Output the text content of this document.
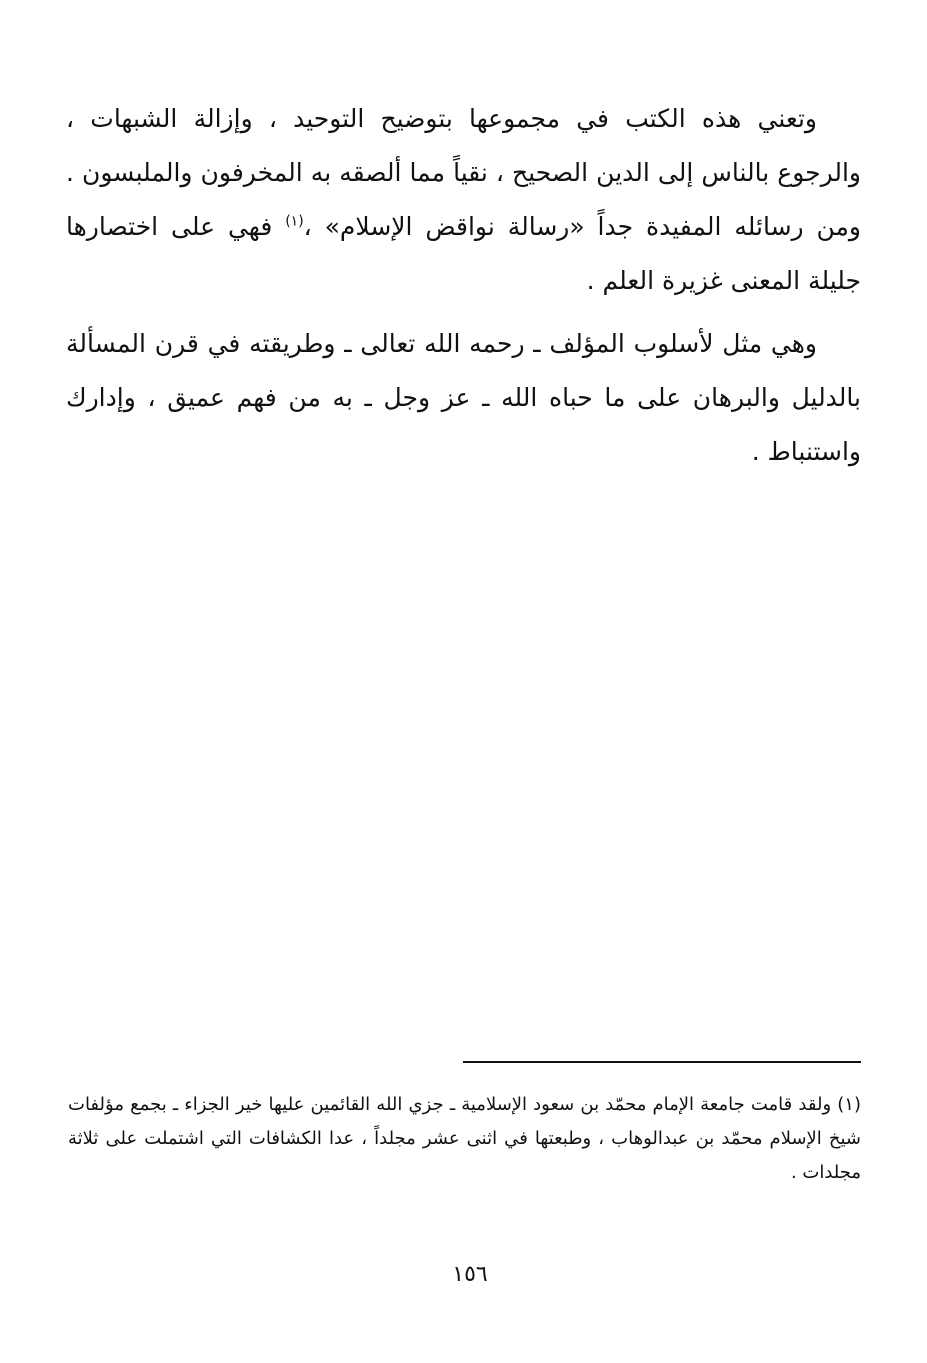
وتعني هذه الكتب في مجموعها بتوضيح التوحيد ، وإزالة الشبهات ، والرجوع بالناس إلى الدين الصحيح ، نقياً مما ألصقه به المخرفون والملبسون . ومن رسائله المفيدة جداً «رسالة نواقض الإسلام» ،$^{(١)}$ فهي على اختصارها جليلة المعنى غزيرة العلم .

وهي مثل لأسلوب المؤلف ـ رحمه الله تعالى ـ وطريقته في قرن المسألة بالدليل والبرهان على ما حباه الله ـ عز وجل ـ به من فهم عميق ، وإدارك واستنباط .

(١) ولقد قامت جامعة الإمام محمّد بن سعود الإسلامية ـ جزي الله القائمين عليها خير الجزاء ـ بجمع مؤلفات شيخ الإسلام محمّد بن عبدالوهاب ، وطبعتها في اثنى عشر مجلداً ، عدا الكشافات التي اشتملت على ثلاثة مجلدات .

١٥٦
